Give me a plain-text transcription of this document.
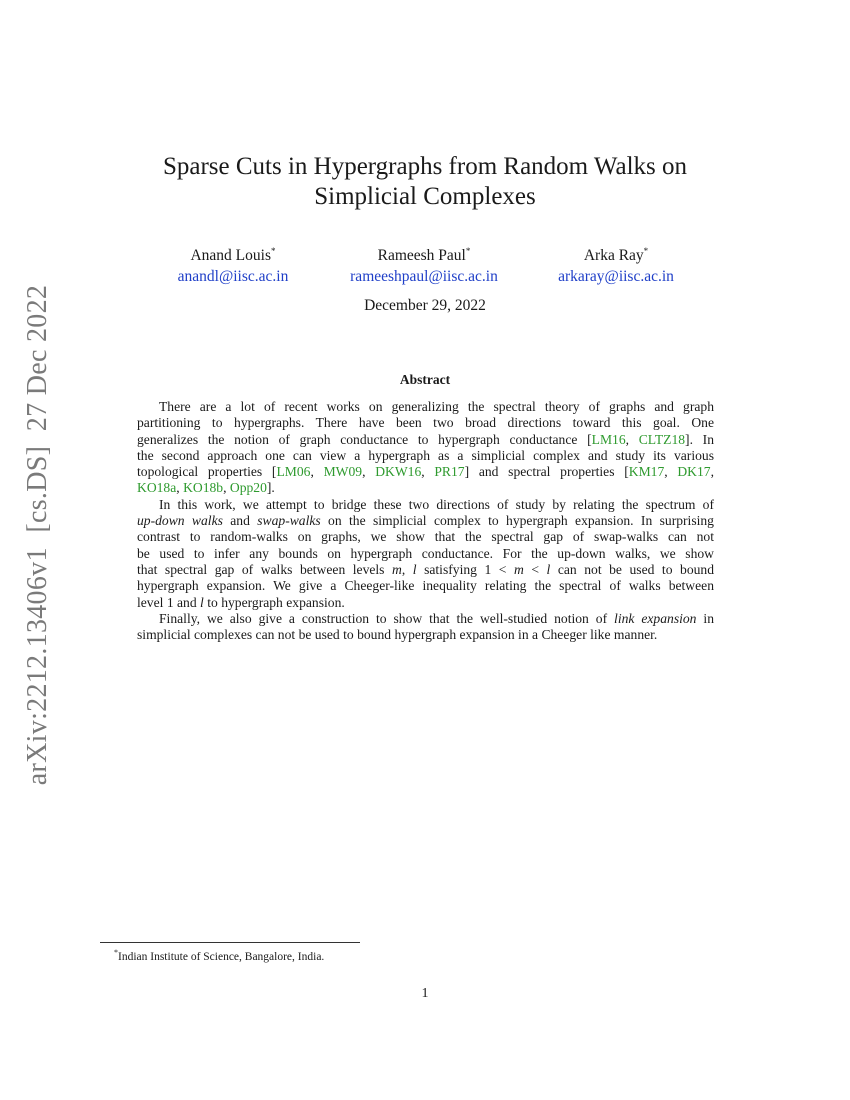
arXiv:2212.13406v1  [cs.DS]  27 Dec 2022
Sparse Cuts in Hypergraphs from Random Walks on
Simplicial Complexes
Anand Louis*
anandl@iisc.ac.in
Rameesh Paul*
rameeshpaul@iisc.ac.in
Arka Ray*
arkaray@iisc.ac.in
December 29, 2022
Abstract
There are a lot of recent works on generalizing the spectral theory of graphs and graph
partitioning to hypergraphs. There have been two broad directions toward this goal. One
generalizes the notion of graph conductance to hypergraph conductance [LM16, CLTZ18]. In
the second approach one can view a hypergraph as a simplicial complex and study its various
topological properties [LM06, MW09, DKW16, PR17] and spectral properties [KM17, DK17,
KO18a, KO18b, Opp20].
In this work, we attempt to bridge these two directions of study by relating the spectrum of
up-down walks and swap-walks on the simplicial complex to hypergraph expansion. In surprising
contrast to random-walks on graphs, we show that the spectral gap of swap-walks can not
be used to infer any bounds on hypergraph conductance. For the up-down walks, we show
that spectral gap of walks between levels m, l satisfying 1 < m < l can not be used to bound
hypergraph expansion. We give a Cheeger-like inequality relating the spectral of walks between
level 1 and l to hypergraph expansion.
Finally, we also give a construction to show that the well-studied notion of link expansion in
simplicial complexes can not be used to bound hypergraph expansion in a Cheeger like manner.
*Indian Institute of Science, Bangalore, India.
1
